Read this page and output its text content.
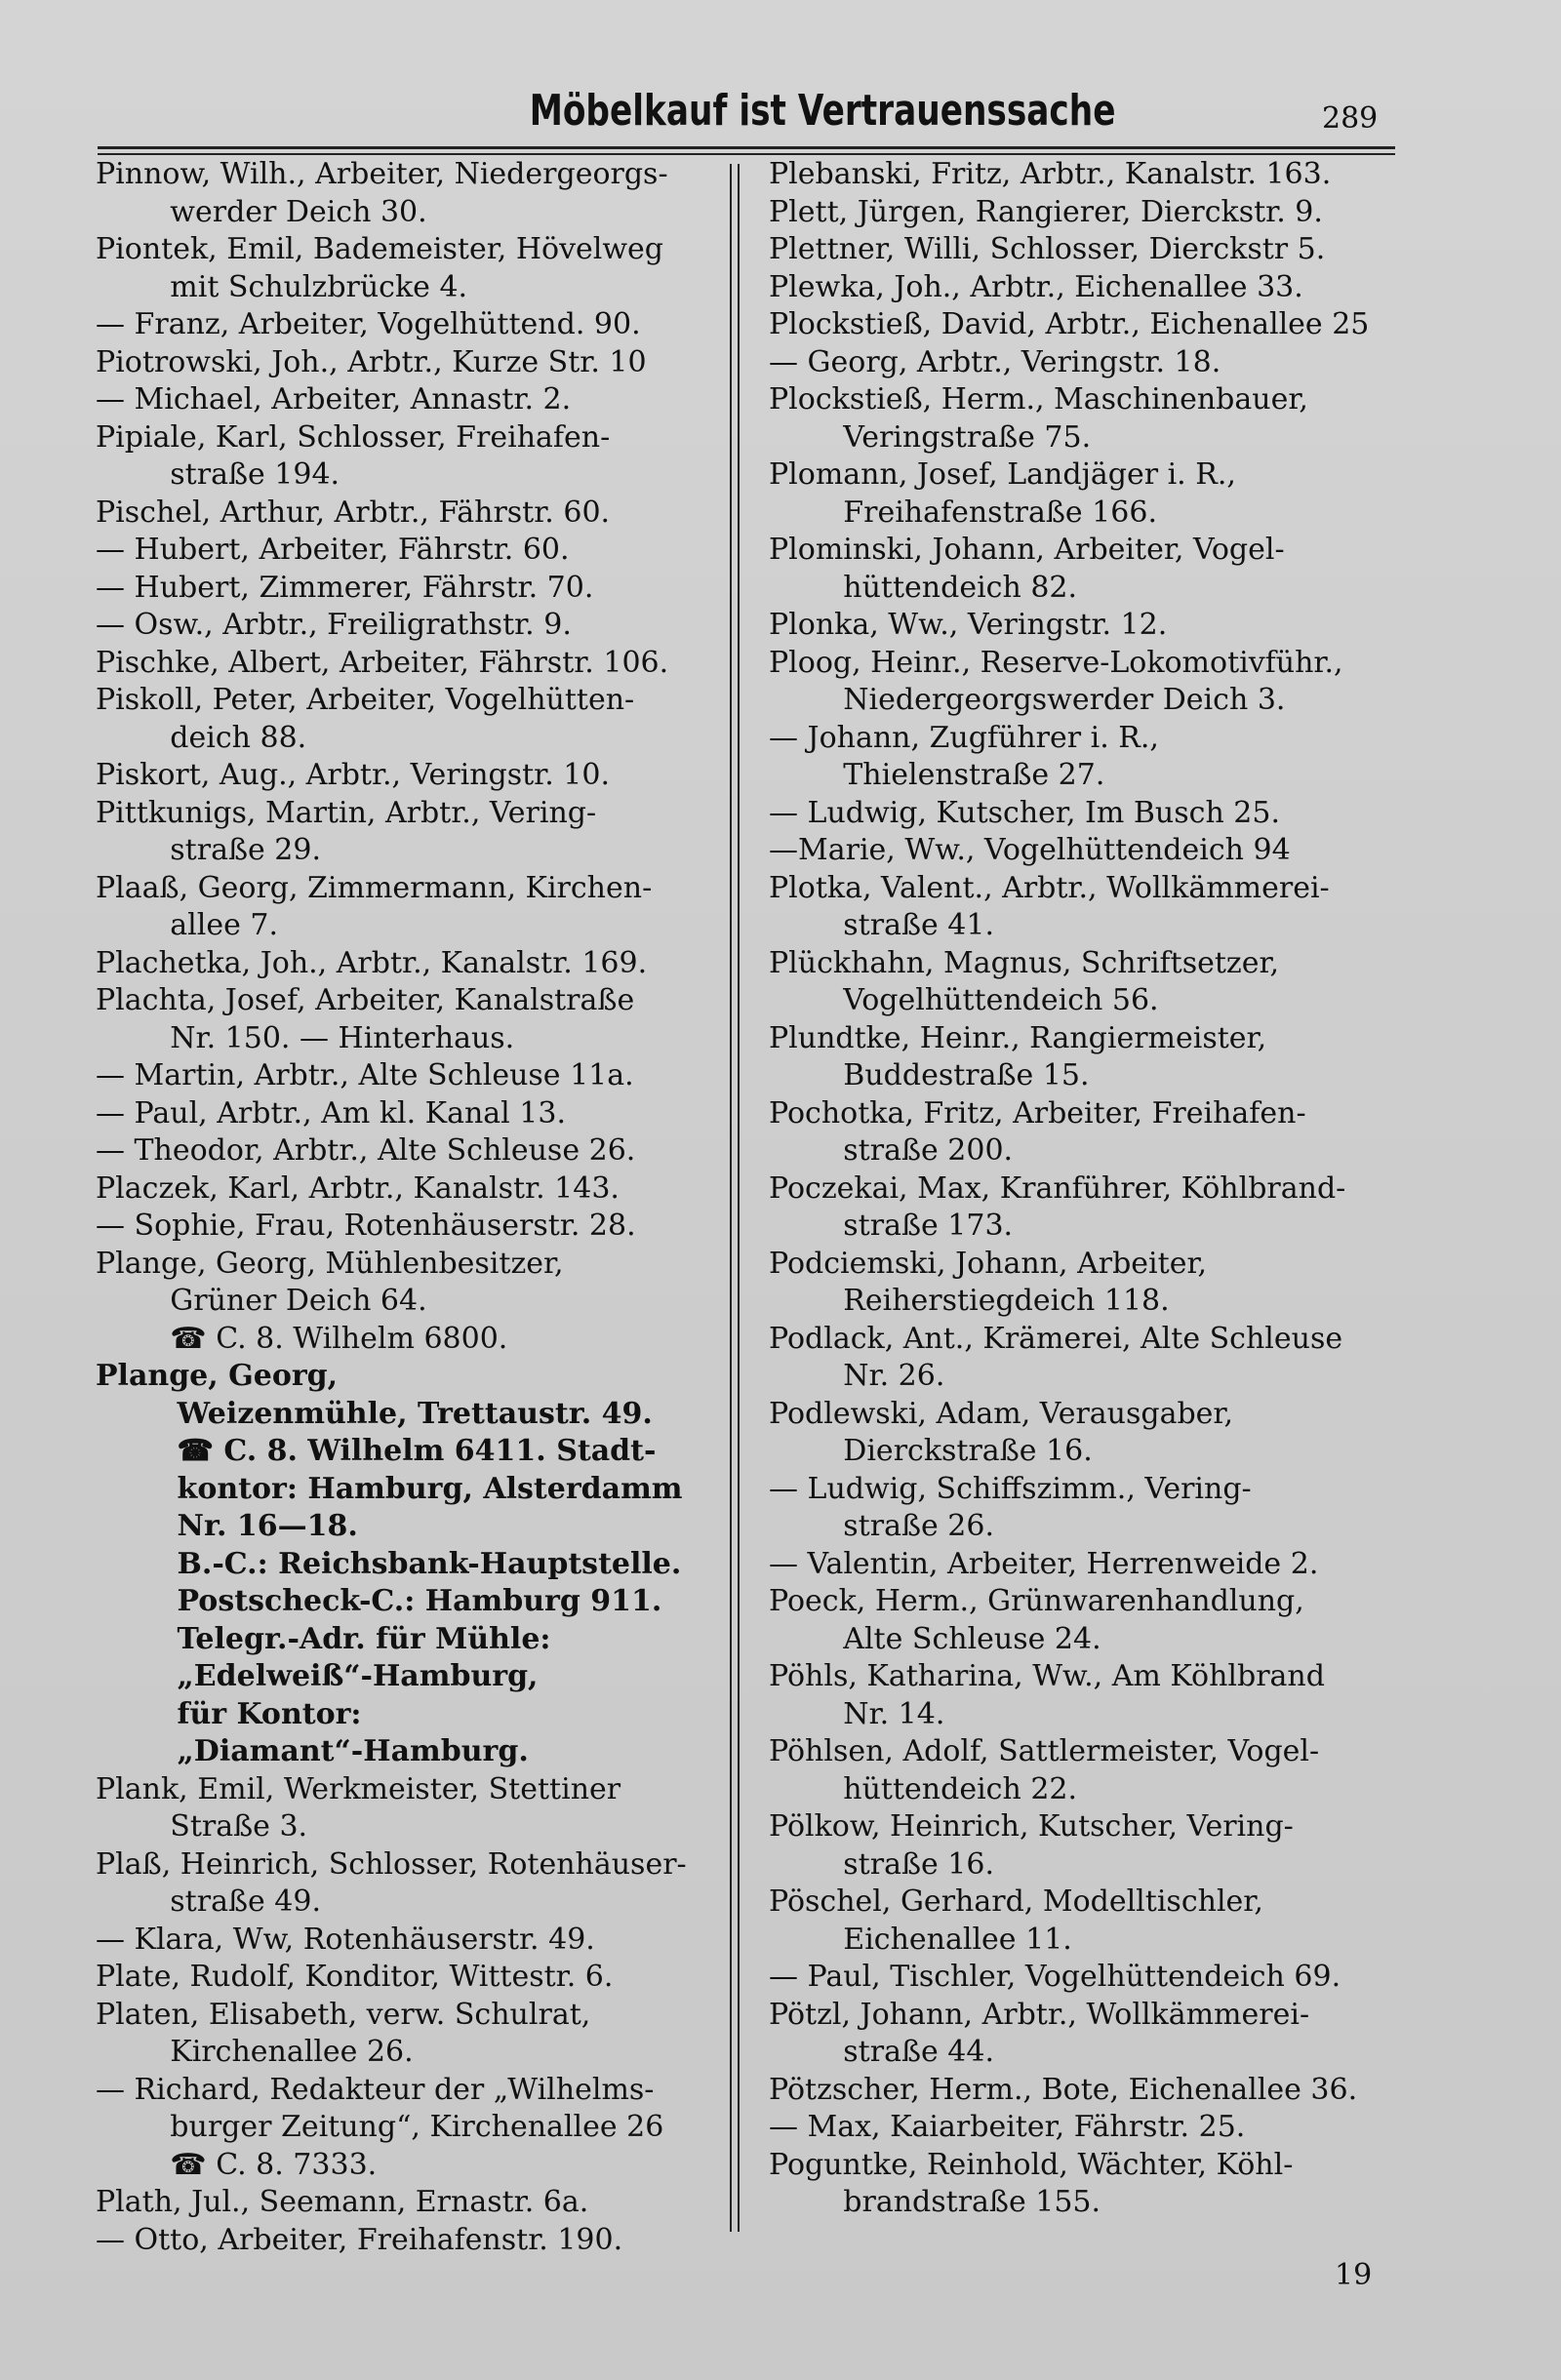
Möbelkauf ist Vertrauenssache	289
Pinnow, Wilh., Arbeiter, Niedergeorgs-
werder Deich 30.
Piontek, Emil, Bademeister, Hövelweg
mit Schulzbrücke 4.
— Franz, Arbeiter, Vogelhüttend. 90.
Piotrowski, Joh., Arbtr., Kurze Str. 10
— Michael, Arbeiter, Annastr. 2.
Pipiale, Karl, Schlosser, Freihafen-
straße 194.
Pischel, Arthur, Arbtr., Fährstr. 60.
— Hubert, Arbeiter, Fährstr. 60.
— Hubert, Zimmerer, Fährstr. 70.
— Osw., Arbtr., Freiligrathstr. 9.
Pischke, Albert, Arbeiter, Fährstr. 106.
Piskoll, Peter, Arbeiter, Vogelhütten-
deich 88.
Piskort, Aug., Arbtr., Veringstr. 10.
Pittkunigs, Martin, Arbtr., Vering-
straße 29.
Plaaß, Georg, Zimmermann, Kirchen-
allee 7.
Plachetka, Joh., Arbtr., Kanalstr. 169.
Plachta, Josef, Arbeiter, Kanalstraße
Nr. 150. — Hinterhaus.
— Martin, Arbtr., Alte Schleuse 11a.
— Paul, Arbtr., Am kl. Kanal 13.
— Theodor, Arbtr., Alte Schleuse 26.
Placzek, Karl, Arbtr., Kanalstr. 143.
— Sophie, Frau, Rotenhäuserstr. 28.
Plange, Georg, Mühlenbesitzer,
Grüner Deich 64.
☎ C. 8. Wilhelm 6800.
Plange, Georg,
Weizenmühle, Trettaustr. 49.
☎ C. 8. Wilhelm 6411. Stadt-
kontor: Hamburg, Alsterdamm
Nr. 16—18.
B.-C.: Reichsbank-Hauptstelle.
Postscheck-C.: Hamburg 911.
Telegr.-Adr. für Mühle:
„Edelweiß“-Hamburg,
für Kontor:
„Diamant“-Hamburg.
Plank, Emil, Werkmeister, Stettiner
Straße 3.
Plaß, Heinrich, Schlosser, Rotenhäuser-
straße 49.
— Klara, Ww, Rotenhäuserstr. 49.
Plate, Rudolf, Konditor, Wittestr. 6.
Platen, Elisabeth, verw. Schulrat,
Kirchenallee 26.
— Richard, Redakteur der „Wilhelms-
burger Zeitung“, Kirchenallee 26
☎ C. 8. 7333.
Plath, Jul., Seemann, Ernastr. 6a.
— Otto, Arbeiter, Freihafenstr. 190.
Plebanski, Fritz, Arbtr., Kanalstr. 163.
Plett, Jürgen, Rangierer, Dierckstr. 9.
Plettner, Willi, Schlosser, Dierckstr 5.
Plewka, Joh., Arbtr., Eichenallee 33.
Plockstieß, David, Arbtr., Eichenallee 25
— Georg, Arbtr., Veringstr. 18.
Plockstieß, Herm., Maschinenbauer,
Veringstraße 75.
Plomann, Josef, Landjäger i. R.,
Freihafenstraße 166.
Plominski, Johann, Arbeiter, Vogel-
hüttendeich 82.
Plonka, Ww., Veringstr. 12.
Ploog, Heinr., Reserve-Lokomotivführ.,
Niedergeorgswerder Deich 3.
— Johann, Zugführer i. R.,
Thielenstraße 27.
— Ludwig, Kutscher, Im Busch 25.
—Marie, Ww., Vogelhüttendeich 94
Plotka, Valent., Arbtr., Wollkämmerei-
straße 41.
Plückhahn, Magnus, Schriftsetzer,
Vogelhüttendeich 56.
Plundtke, Heinr., Rangiermeister,
Buddestraße 15.
Pochotka, Fritz, Arbeiter, Freihafen-
straße 200.
Poczekai, Max, Kranführer, Köhlbrand-
straße 173.
Podciemski, Johann, Arbeiter,
Reiherstiegdeich 118.
Podlack, Ant., Krämerei, Alte Schleuse
Nr. 26.
Podlewski, Adam, Verausgaber,
Dierckstraße 16.
— Ludwig, Schiffszimm., Vering-
straße 26.
— Valentin, Arbeiter, Herrenweide 2.
Poeck, Herm., Grünwarenhandlung,
Alte Schleuse 24.
Pöhls, Katharina, Ww., Am Köhlbrand
Nr. 14.
Pöhlsen, Adolf, Sattlermeister, Vogel-
hüttendeich 22.
Pölkow, Heinrich, Kutscher, Vering-
straße 16.
Pöschel, Gerhard, Modelltischler,
Eichenallee 11.
— Paul, Tischler, Vogelhüttendeich 69.
Pötzl, Johann, Arbtr., Wollkämmerei-
straße 44.
Pötzscher, Herm., Bote, Eichenallee 36.
— Max, Kaiarbeiter, Fährstr. 25.
Poguntke, Reinhold, Wächter, Köhl-
brandstraße 155.
19
